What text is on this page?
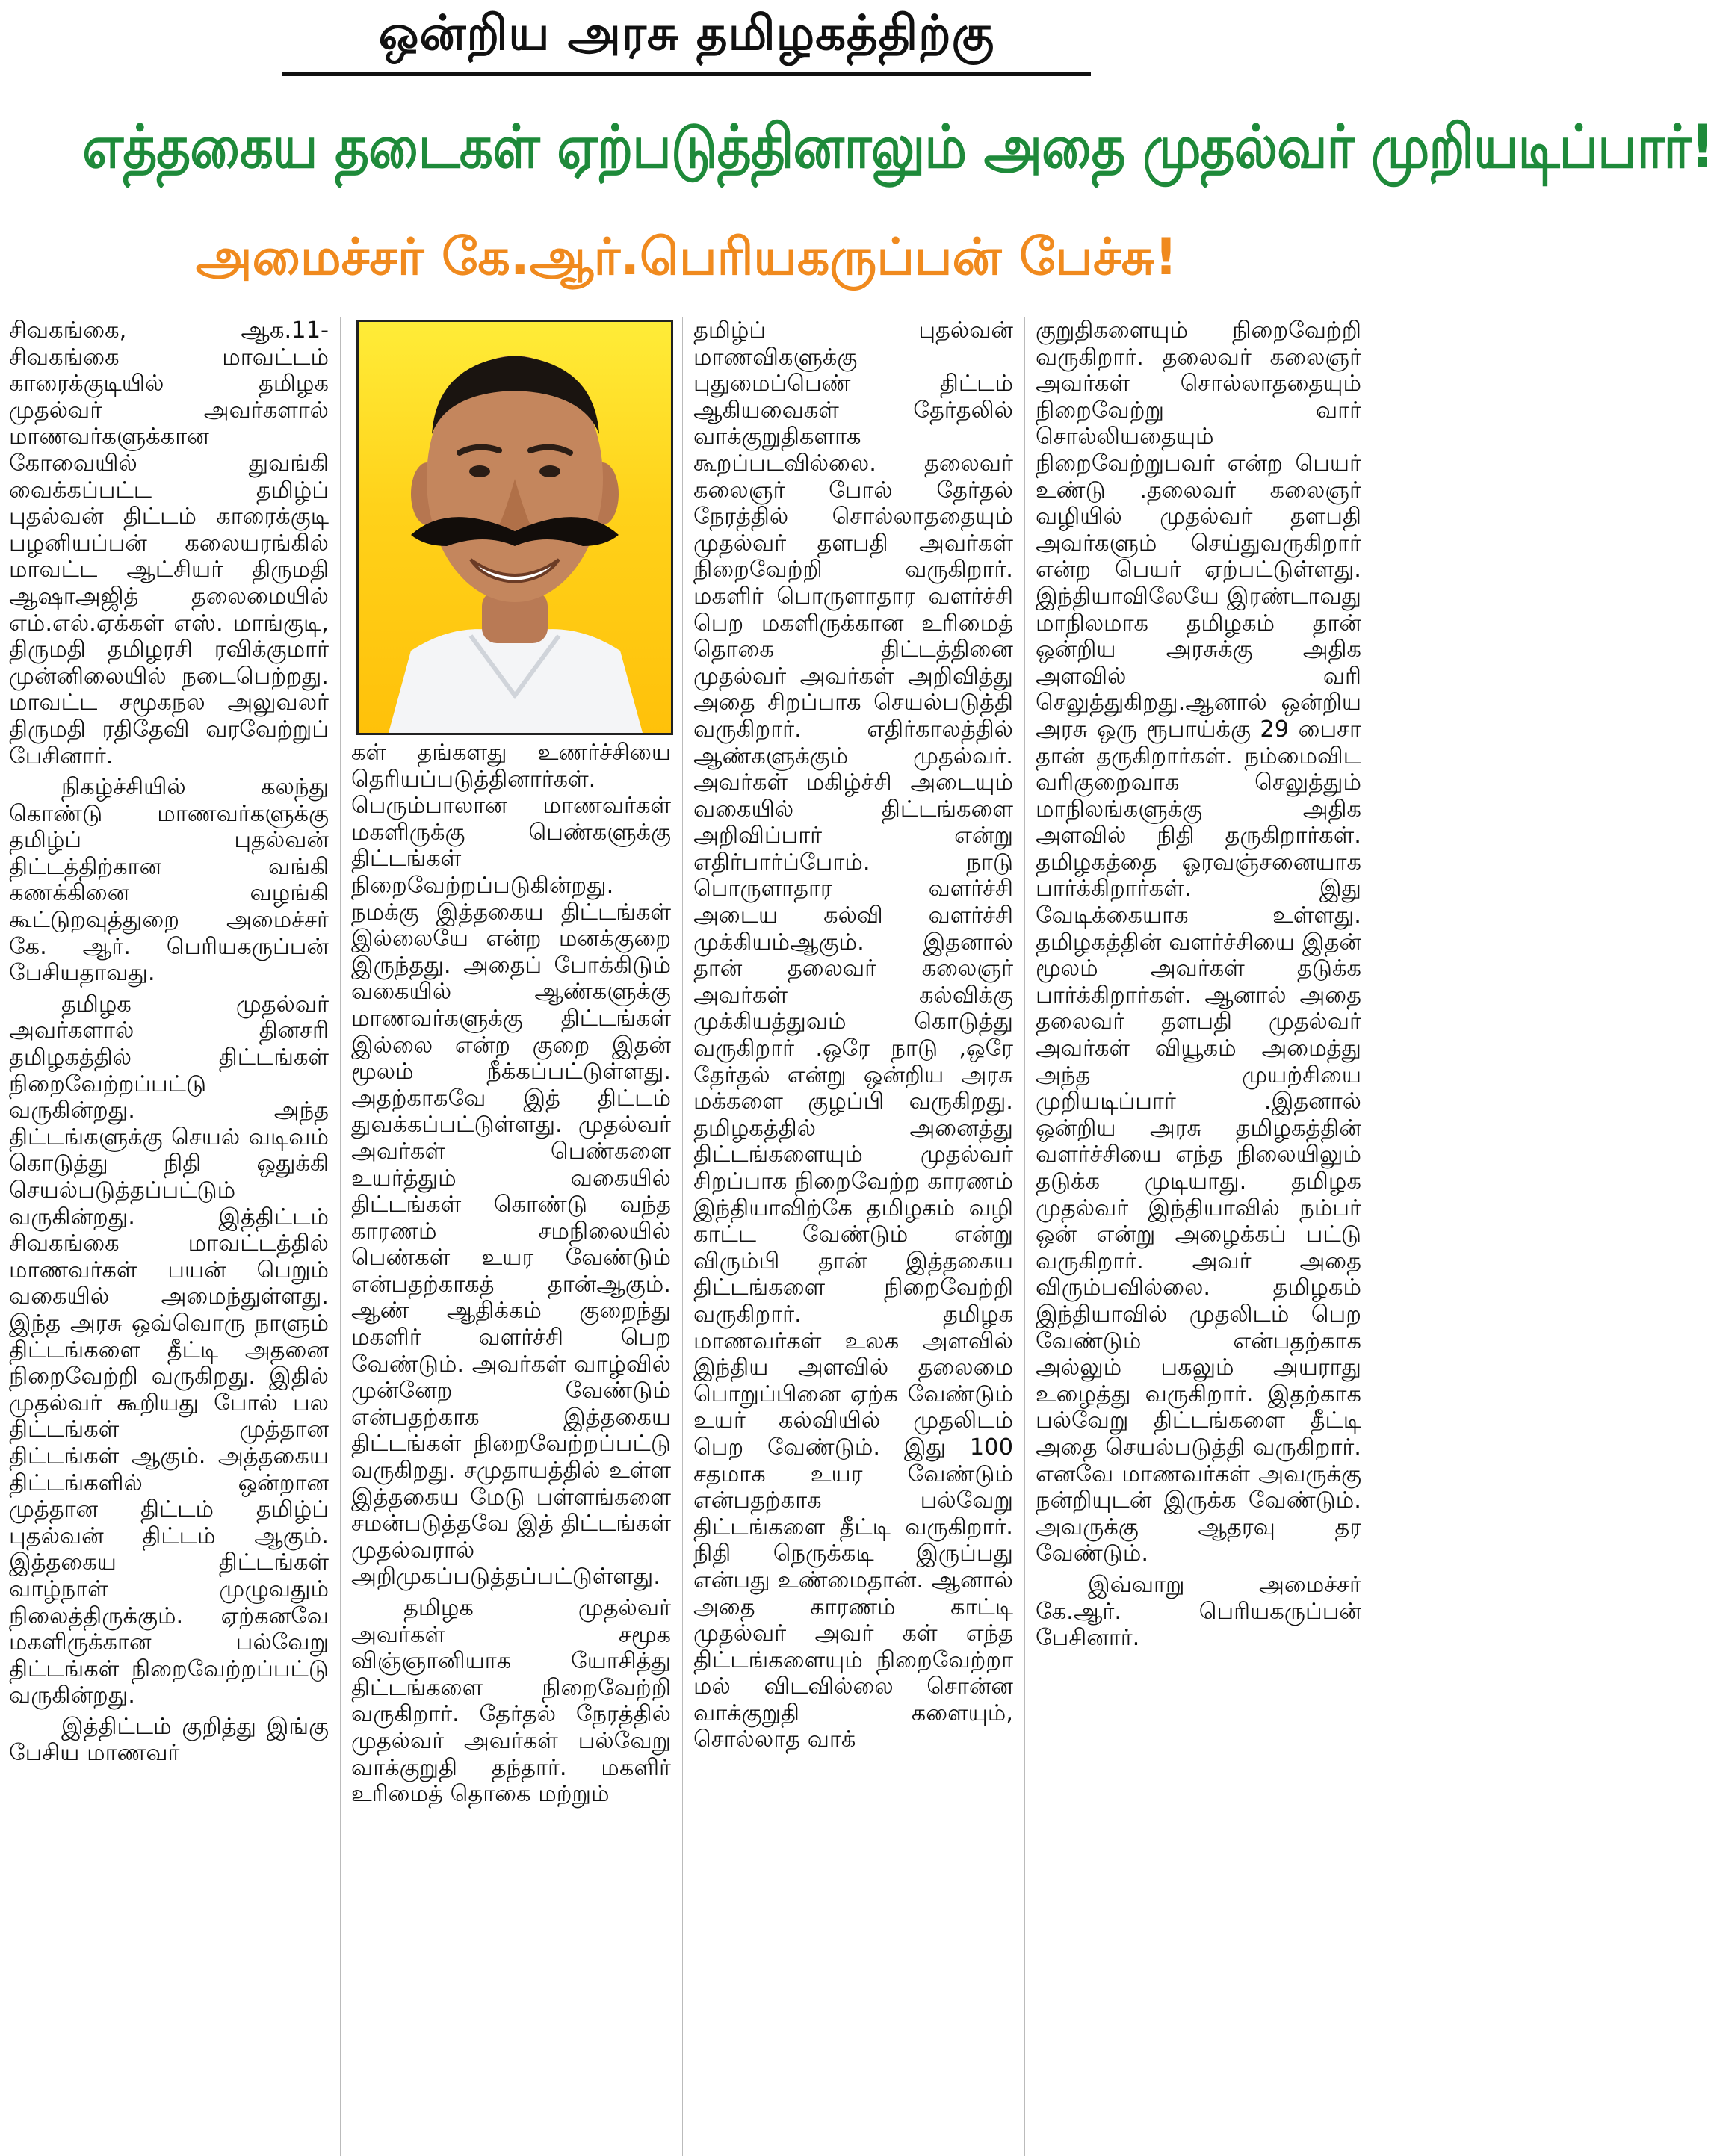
ஒன்றிய அரசு தமிழகத்திற்கு
எத்தகைய தடைகள் ஏற்படுத்தினாலும் அதை முதல்வர் முறியடிப்பார்!
அமைச்சர் கே.ஆர்.பெரியகருப்பன் பேச்சு!

சிவகங்கை, ஆக.11- சிவகங்கை மாவட்டம் காரைக்குடியில் தமிழக முதல்வர் அவர்களால் மாணவர்களுக்கான கோவையில் துவங்கி வைக்கப்பட்ட தமிழ்ப் புதல்வன் திட்டம் காரைக்குடி பழனியப்பன் கலையரங்கில் மாவட்ட ஆட்சியர் திருமதி ஆஷாஅஜித் தலைமையில் எம்.எல்.ஏக்கள் எஸ். மாங்குடி, திருமதி தமிழரசி ரவிக்குமார் முன்னிலையில் நடைபெற்றது. மாவட்ட சமூகநல அலுவலர் திருமதி ரதிதேவி வரவேற்றுப் பேசினார்.

நிகழ்ச்சியில் கலந்து கொண்டு மாணவர்களுக்கு தமிழ்ப் புதல்வன் திட்டத்திற்கான வங்கி கணக்கினை வழங்கி கூட்டுறவுத்துறை அமைச்சர் கே. ஆர். பெரியகருப்பன் பேசியதாவது.

தமிழக முதல்வர் அவர்களால் தினசரி தமிழகத்தில் திட்டங்கள் நிறைவேற்றப்பட்டு வருகின்றது. அந்த திட்டங்களுக்கு செயல் வடிவம் கொடுத்து நிதி ஒதுக்கி செயல்படுத்தப்பட்டும் வருகின்றது. இத்திட்டம் சிவகங்கை மாவட்டத்தில் மாணவர்கள் பயன் பெறும் வகையில் அமைந்துள்ளது. இந்த அரசு ஒவ்வொரு நாளும் திட்டங்களை தீட்டி அதனை நிறைவேற்றி வருகிறது. இதில் முதல்வர் கூறியது போல் பல திட்டங்கள் முத்தான திட்டங்கள் ஆகும். அத்தகைய திட்டங்களில் ஒன்றான முத்தான திட்டம் தமிழ்ப் புதல்வன் திட்டம் ஆகும். இத்தகைய திட்டங்கள் வாழ்நாள் முழுவதும் நிலைத்திருக்கும். ஏற்கனவே மகளிருக்கான பல்வேறு திட்டங்கள் நிறைவேற்றப்பட்டு வருகின்றது.

இத்திட்டம் குறித்து இங்கு பேசிய மாணவர்

கள் தங்களது உணர்ச்சியை தெரியப்படுத்தினார்கள். பெரும்பாலான மாணவர்கள் மகளிருக்கு பெண்களுக்கு திட்டங்கள் நிறைவேற்றப்படுகின்றது. நமக்கு இத்தகைய திட்டங்கள் இல்லையே என்ற மனக்குறை இருந்தது. அதைப் போக்கிடும் வகையில் ஆண்களுக்கு மாணவர்களுக்கு திட்டங்கள் இல்லை என்ற குறை இதன் மூலம் நீக்கப்பட்டுள்ளது. அதற்காகவே இத் திட்டம் துவக்கப்பட்டுள்ளது. முதல்வர் அவர்கள் பெண்களை உயர்த்தும் வகையில் திட்டங்கள் கொண்டு வந்த காரணம் சமநிலையில் பெண்கள் உயர வேண்டும் என்பதற்காகத் தான்ஆகும். ஆண் ஆதிக்கம் குறைந்து மகளிர் வளர்ச்சி பெற வேண்டும். அவர்கள் வாழ்வில் முன்னேற வேண்டும் என்பதற்காக இத்தகைய திட்டங்கள் நிறைவேற்றப்பட்டு வருகிறது. சமுதாயத்தில் உள்ள இத்தகைய மேடு பள்ளங்களை சமன்படுத்தவே இத் திட்டங்கள் முதல்வரால் அறிமுகப்படுத்தப்பட்டுள்ளது.

தமிழக முதல்வர் அவர்கள் சமூக விஞ்ஞானியாக யோசித்து திட்டங்களை நிறைவேற்றி வருகிறார். தேர்தல் நேரத்தில் முதல்வர் அவர்கள் பல்வேறு வாக்குறுதி தந்தார். மகளிர் உரிமைத் தொகை மற்றும்

தமிழ்ப் புதல்வன் மாணவிகளுக்கு புதுமைப்பெண் திட்டம் ஆகியவைகள் தேர்தலில் வாக்குறுதிகளாக கூறப்படவில்லை. தலைவர் கலைஞர் போல் தேர்தல் நேரத்தில் சொல்லாததையும் முதல்வர் தளபதி அவர்கள் நிறைவேற்றி வருகிறார். மகளிர் பொருளாதார வளர்ச்சி பெற மகளிருக்கான உரிமைத் தொகை திட்டத்தினை முதல்வர் அவர்கள் அறிவித்து அதை சிறப்பாக செயல்படுத்தி வருகிறார். எதிர்காலத்தில் ஆண்களுக்கும் முதல்வர். அவர்கள் மகிழ்ச்சி அடையும் வகையில் திட்டங்களை அறிவிப்பார் என்று எதிர்பார்ப்போம். நாடு பொருளாதார வளர்ச்சி அடைய கல்வி வளர்ச்சி முக்கியம்ஆகும். இதனால் தான் தலைவர் கலைஞர் அவர்கள் கல்விக்கு முக்கியத்துவம் கொடுத்து வருகிறார் .ஒரே நாடு ,ஒரே தேர்தல் என்று ஒன்றிய அரசு மக்களை குழப்பி வருகிறது. தமிழகத்தில் அனைத்து திட்டங்களையும் முதல்வர் சிறப்பாக நிறைவேற்ற காரணம் இந்தியாவிற்கே தமிழகம் வழி காட்ட வேண்டும் என்று விரும்பி தான் இத்தகைய திட்டங்களை நிறைவேற்றி வருகிறார். தமிழக மாணவர்கள் உலக அளவில் இந்திய அளவில் தலைமை பொறுப்பினை ஏற்க வேண்டும் உயர் கல்வியில் முதலிடம் பெற வேண்டும். இது 100 சதமாக உயர வேண்டும் என்பதற்காக பல்வேறு திட்டங்களை தீட்டி வருகிறார். நிதி நெருக்கடி இருப்பது என்பது உண்மைதான். ஆனால் அதை காரணம் காட்டி முதல்வர் அவர் கள் எந்த திட்டங்களையும் நிறைவேற்றா மல் விடவில்லை சொன்ன வாக்குறுதி களையும், சொல்லாத வாக்

குறுதிகளையும் நிறைவேற்றி வருகிறார். தலைவர் கலைஞர் அவர்கள் சொல்லாததையும் நிறைவேற்று வார் சொல்லியதையும் நிறைவேற்றுபவர் என்ற பெயர் உண்டு .தலைவர் கலைஞர் வழியில் முதல்வர் தளபதி அவர்களும் செய்துவருகிறார் என்ற பெயர் ஏற்பட்டுள்ளது. இந்தியாவிலேயே இரண்டாவது மாநிலமாக தமிழகம் தான் ஒன்றிய அரசுக்கு அதிக அளவில் வரி செலுத்துகிறது.ஆனால் ஒன்றிய அரசு ஒரு ரூபாய்க்கு 29 பைசா தான் தருகிறார்கள். நம்மைவிட வரிகுறைவாக செலுத்தும் மாநிலங்களுக்கு அதிக அளவில் நிதி தருகிறார்கள். தமிழகத்தை ஓரவஞ்சனையாக பார்க்கிறார்கள். இது வேடிக்கையாக உள்ளது. தமிழகத்தின் வளர்ச்சியை இதன் மூலம் அவர்கள் தடுக்க பார்க்கிறார்கள். ஆனால் அதை தலைவர் தளபதி முதல்வர் அவர்கள் வியூகம் அமைத்து அந்த முயற்சியை முறியடிப்பார் .இதனால் ஒன்றிய அரசு தமிழகத்தின் வளர்ச்சியை எந்த நிலையிலும் தடுக்க முடியாது. தமிழக முதல்வர் இந்தியாவில் நம்பர் ஒன் என்று அழைக்கப் பட்டு வருகிறார். அவர் அதை விரும்பவில்லை. தமிழகம் இந்தியாவில் முதலிடம் பெற வேண்டும் என்பதற்காக அல்லும் பகலும் அயராது உழைத்து வருகிறார். இதற்காக பல்வேறு திட்டங்களை தீட்டி அதை செயல்படுத்தி வருகிறார். எனவே மாணவர்கள் அவருக்கு நன்றியுடன் இருக்க வேண்டும். அவருக்கு ஆதரவு தர வேண்டும்.

இவ்வாறு அமைச்சர் கே.ஆர். பெரியகருப்பன் பேசினார்.
